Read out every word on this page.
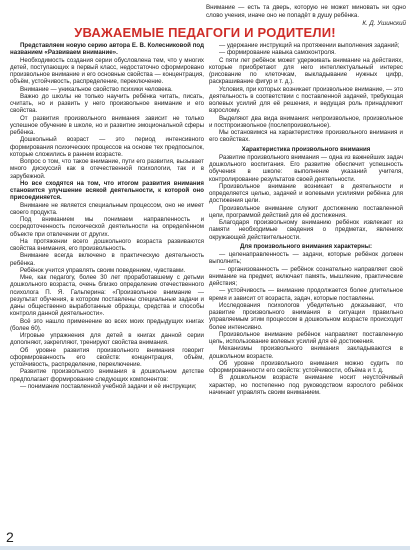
Внимание — есть та дверь, которую не может миновать ни одно слово учения, иначе оно не попадёт в душу ребёнка.
К. Д. Ушинский
УВАЖАЕМЫЕ ПЕДАГОГИ И РОДИТЕЛИ!

Представляем новую серию автора Е. В. Колесниковой под названием «Развиваем внимание».

Необходимость создания серии обусловлена тем, что у многих детей, поступающих в первый класс, недостаточно сформировано произвольное внимание и его основные свойства — концентрация, объём, устойчивость, распределение, переключение.

Внимание — уникальное свойство психики человека.

Важно до школы не только научить ребёнка читать, писать, считать, но и развить у него произвольное внимание и его свойства.

От развития произвольного внимания зависит не только успешное обучение в школе, но и развитие эмоциональной сферы ребёнка.

Дошкольный возраст — это период интенсивного формирования психических процессов на основе тех предпосылок, которые сложились в раннем возрасте.

Вопрос о том, что такое внимание, пути его развития, вызывает много дискуссий как в отечественной психологии, так и в зарубежной.

Но все сходятся на том, что итогом развития внимания становится улучшение всякой деятельности, к которой оно присоединяется.

Внимание не является специальным процессом, оно не имеет своего продукта.

Под вниманием мы понимаем направленность и сосредоточенность психической деятельности на определённом объекте при отвлечении от других.

На протяжении всего дошкольного возраста развиваются свойства внимания, его произвольность.

Внимание всегда включено в практическую деятельность ребёнка.

Ребёнок учится управлять своим поведением, чувствами.

Мне, как педагогу, более 30 лет проработавшему с детьми дошкольного возраста, очень близко определение отечественного психолога П. Я. Гальперина: «Произвольное внимание — результат обучения, в котором поставлены специальные задачи и даны общественно выработанные образцы, средства и способы контроля данной деятельности».

Всё это нашло применение во всех моих предыдущих книгах (более 60).

Игровые упражнения для детей в книгах данной серии дополняют, закрепляют, тренируют свойства внимания.

Об уровне развития произвольного внимания говорит сформированность его свойств: концентрация, объём, устойчивость, распределение, переключение.

Развитие произвольного внимания в дошкольном детстве предполагает формирование следующих компонентов:

— понимание поставленной учебной задачи и её инструкции;

— удержание инструкций на протяжении выполнения заданий;

— формирование навыка самоконтроля.

С пяти лет ребёнок может удерживать внимание на действиях, которые приобретают для него интеллектуальный интерес (рисование по клеточкам, выкладывание нужных цифр, раскрашивание фигур и т. д.).

Условия, при которых возникает произвольное внимание, — это деятельность в соответствии с поставленной задачей, требующая волевых усилий для её решения, и ведущая роль принадлежит взрослому.

Выделяют два вида внимания: непроизвольное, произвольное и постпроизвольное (послепроизвольное).

Мы остановимся на характеристике произвольного внимания и его свойствах.

Характеристика произвольного внимания

Развитие произвольного внимания — одна из важнейших задач дошкольного воспитания. Его развитие обеспечит успешность обучения в школе: выполнение указаний учителя, контролирование результатов своей деятельности.

Произвольное внимание возникает в деятельности и определяется целью, задачей и волевыми усилиями ребёнка для достижения цели.

Произвольное внимание служит достижению поставленной цели, программой действий для её достижения.

Благодаря произвольному вниманию ребёнок извлекает из памяти необходимые сведения о предметах, явлениях окружающей действительности.

Для произвольного внимания характерны:

— целенаправленность — задачи, которые ребёнок должен выполнить;

— организованность — ребёнок сознательно направляет своё внимание на предмет, включает память, мышление, практические действия;

— устойчивость — внимание продолжается более длительное время и зависит от возраста, задач, которые поставлены.

Исследования психологов убедительно доказывают, что развитие произвольного внимания в ситуации правильно управляемым этим процессом в дошкольном возрасте происходит более интенсивно.

Произвольное внимание ребёнок направляет поставленную цель, использование волевых усилий для её достижения.

Механизмы произвольного внимания закладываются в дошкольном возрасте.

Об уровне произвольного внимания можно судить по сформированности его свойств: устойчивости, объёма и т. д.

В дошкольном возрасте внимание носит неустойчивый характер, но постепенно под руководством взрослого ребёнок начинает управлять своим вниманием.

2
